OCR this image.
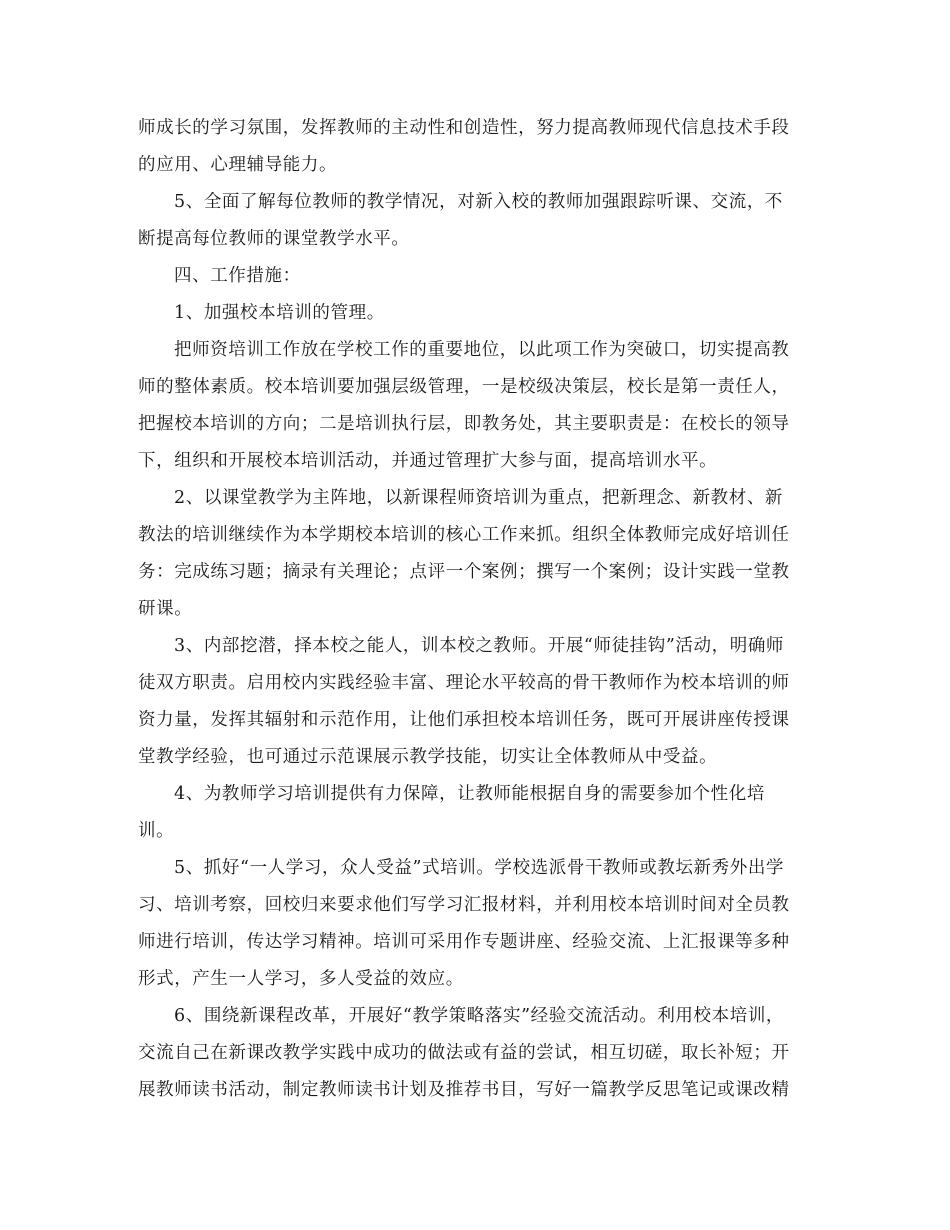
师成长的学习氛围，发挥教师的主动性和创造性，努力提高教师现代信息技术手段
的应用、心理辅导能力。
5、全面了解每位教师的教学情况，对新入校的教师加强跟踪听课、交流，不
断提高每位教师的课堂教学水平。
四、工作措施：
1、加强校本培训的管理。
把师资培训工作放在学校工作的重要地位，以此项工作为突破口，切实提高教
师的整体素质。校本培训要加强层级管理，一是校级决策层，校长是第一责任人，
把握校本培训的方向；二是培训执行层，即教务处，其主要职责是：在校长的领导
下，组织和开展校本培训活动，并通过管理扩大参与面，提高培训水平。
2、以课堂教学为主阵地，以新课程师资培训为重点，把新理念、新教材、新
教法的培训继续作为本学期校本培训的核心工作来抓。组织全体教师完成好培训任
务：完成练习题；摘录有关理论；点评一个案例；撰写一个案例；设计实践一堂教
研课。
3、内部挖潜，择本校之能人，训本校之教师。开展“师徒挂钩”活动，明确师
徒双方职责。启用校内实践经验丰富、理论水平较高的骨干教师作为校本培训的师
资力量，发挥其辐射和示范作用，让他们承担校本培训任务，既可开展讲座传授课
堂教学经验，也可通过示范课展示教学技能，切实让全体教师从中受益。
4、为教师学习培训提供有力保障，让教师能根据自身的需要参加个性化培
训。
5、抓好“一人学习，众人受益”式培训。学校选派骨干教师或教坛新秀外出学
习、培训考察，回校归来要求他们写学习汇报材料，并利用校本培训时间对全员教
师进行培训，传达学习精神。培训可采用作专题讲座、经验交流、上汇报课等多种
形式，产生一人学习，多人受益的效应。
6、围绕新课程改革，开展好“教学策略落实”经验交流活动。利用校本培训，
交流自己在新课改教学实践中成功的做法或有益的尝试，相互切磋，取长补短；开
展教师读书活动，制定教师读书计划及推荐书目，写好一篇教学反思笔记或课改精
